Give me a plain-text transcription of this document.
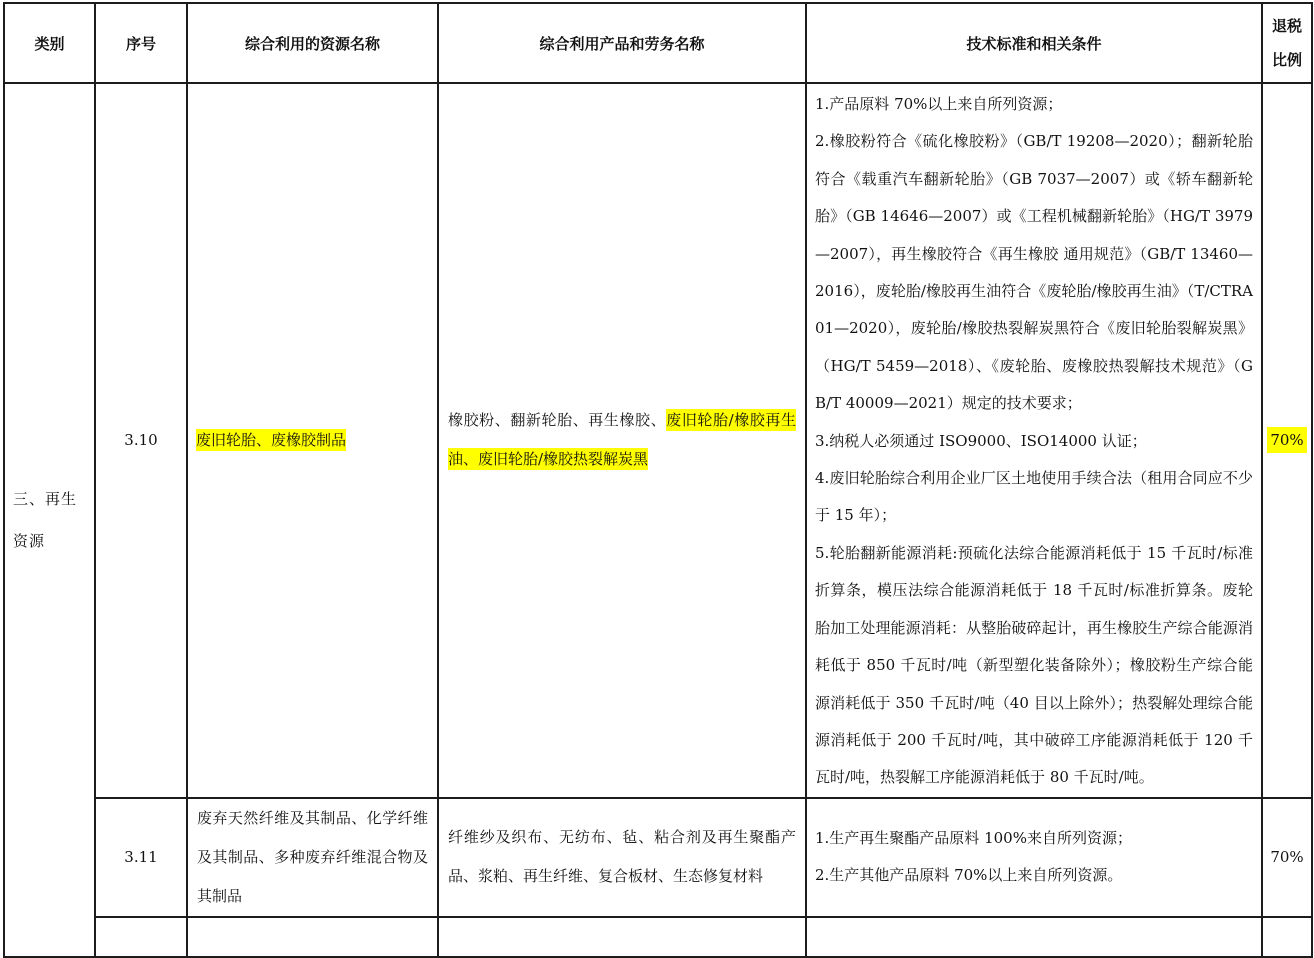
类别	序号	综合利用的资源名称	综合利用产品和劳务名称	技术标准和相关条件	退税
比例

三、再生资源	3.10	废旧轮胎、废橡胶制品	橡胶粉、翻新轮胎、再生橡胶、废旧轮胎/橡胶再生油、废旧轮胎/橡胶热裂解炭黑	1.产品原料 70%以上来自所列资源；

2.橡胶粉符合《硫化橡胶粉》（GB/T 19208—2020）；翻新轮胎符合《载重汽车翻新轮胎》（GB 7037—2007）或《轿车翻新轮胎》（GB 14646—2007）或《工程机械翻新轮胎》（HG/T 3979—2007），再生橡胶符合《再生橡胶 通用规范》（GB/T 13460—2016），废轮胎/橡胶再生油符合《废轮胎/橡胶再生油》（T/CTRA 01—2020），废轮胎/橡胶热裂解炭黑符合《废旧轮胎裂解炭黑》（HG/T 5459—2018）、《废轮胎、废橡胶热裂解技术规范》（GB/T 40009—2021）规定的技术要求；

3.纳税人必须通过 ISO9000、ISO14000 认证；

4.废旧轮胎综合利用企业厂区土地使用手续合法（租用合同应不少于 15 年）；

5.轮胎翻新能源消耗:预硫化法综合能源消耗低于 15 千瓦时/标准折算条，模压法综合能源消耗低于 18 千瓦时/标准折算条。废轮胎加工处理能源消耗：从整胎破碎起计，再生橡胶生产综合能源消耗低于 850 千瓦时/吨（新型塑化装备除外）；橡胶粉生产综合能源消耗低于 350 千瓦时/吨（40 目以上除外）；热裂解处理综合能源消耗低于 200 千瓦时/吨，其中破碎工序能源消耗低于 120 千瓦时/吨，热裂解工序能源消耗低于 80 千瓦时/吨。	70%
	3.11	废弃天然纤维及其制品、化学纤维及其制品、多种废弃纤维混合物及其制品	纤维纱及织布、无纺布、毡、粘合剂及再生聚酯产品、浆粕、再生纤维、复合板材、生态修复材料	1.生产再生聚酯产品原料 100%来自所列资源；

2.生产其他产品原料 70%以上来自所列资源。	70%
